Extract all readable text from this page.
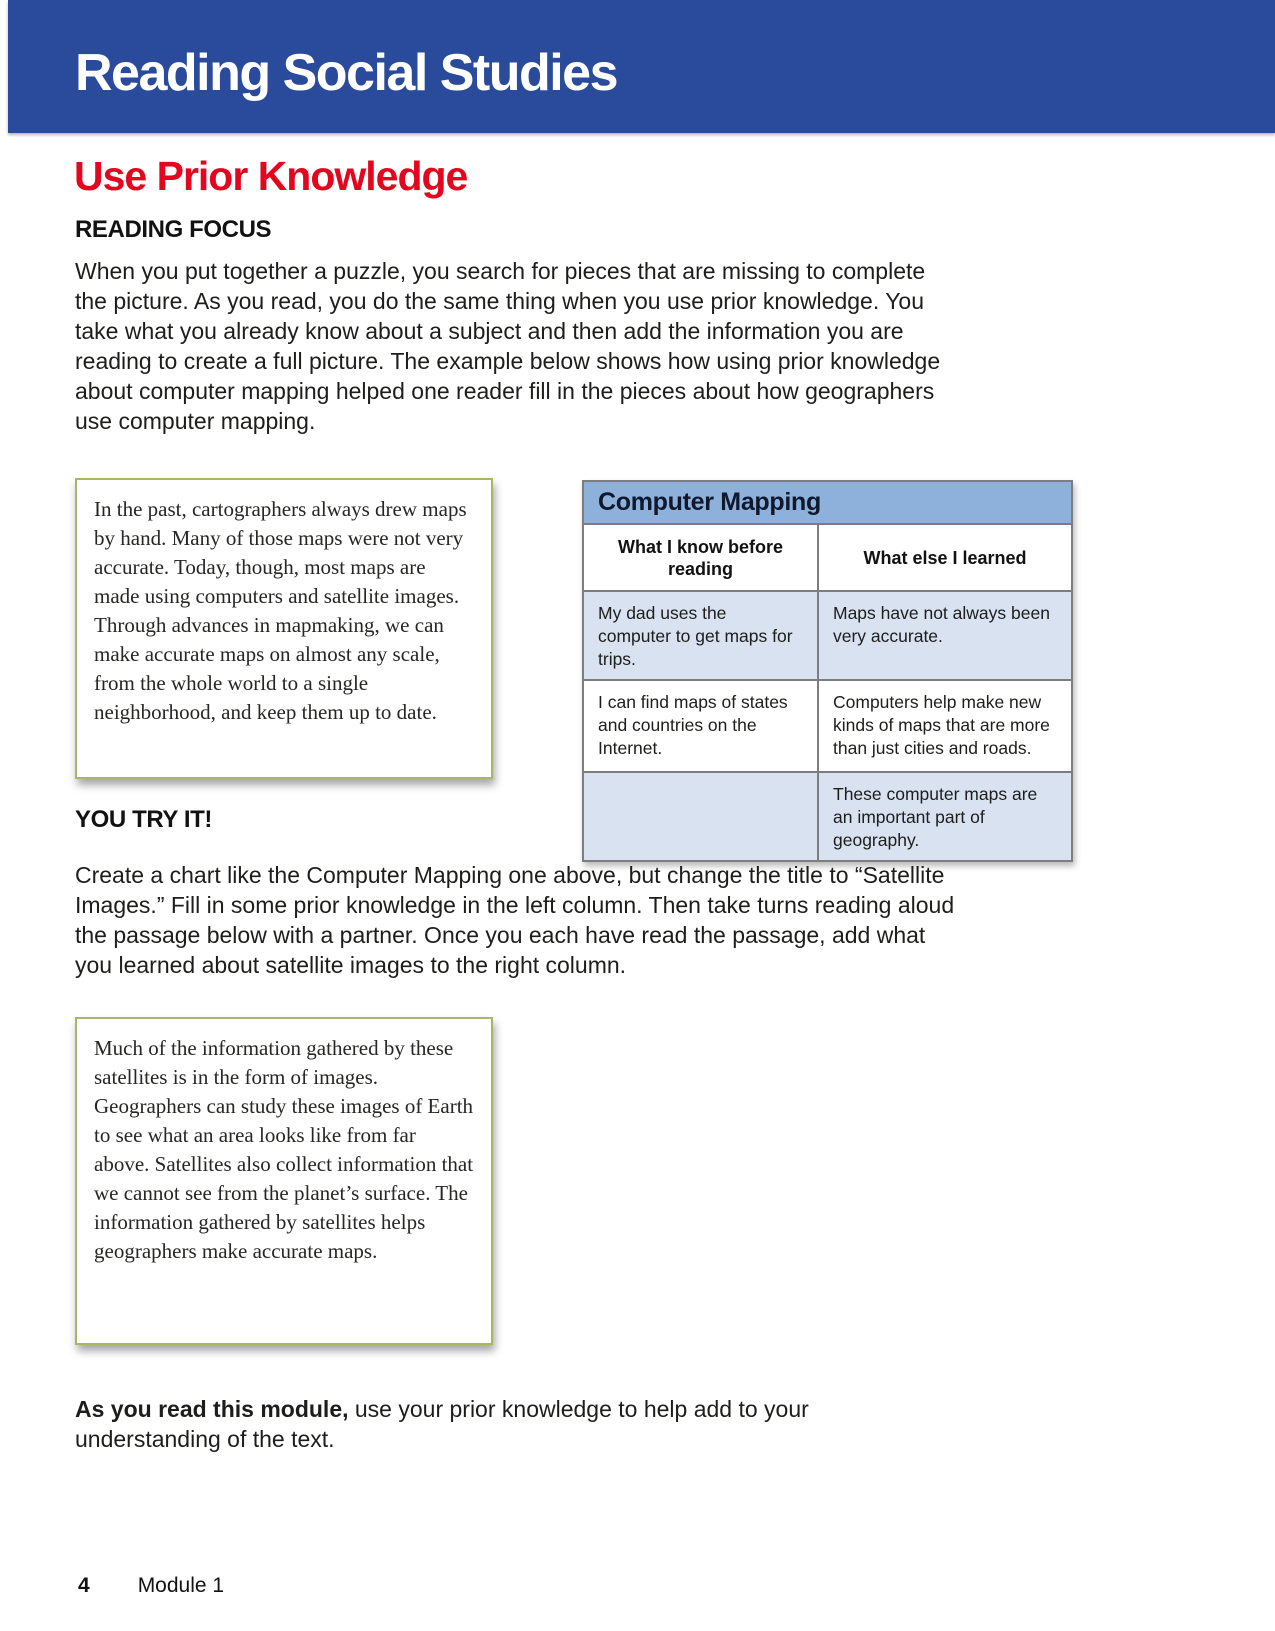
Reading Social Studies
Use Prior Knowledge
READING FOCUS

When you put together a puzzle, you search for pieces that are missing to complete the picture. As you read, you do the same thing when you use prior knowledge. You take what you already know about a subject and then add the information you are reading to create a full picture. The example below shows how using prior knowledge about computer mapping helped one reader fill in the pieces about how geographers use computer mapping.

In the past, cartographers always drew maps by hand. Many of those maps were not very accurate. Today, though, most maps are made using computers and satellite images. Through advances in mapmaking, we can make accurate maps on almost any scale, from the whole world to a single neighborhood, and keep them up to date.
Computer Mapping
What I know before reading
What else I learned
My dad uses the computer to get maps for trips.
Maps have not always been very accurate.
I can find maps of states and countries on the Internet.
Computers help make new kinds of maps that are more than just cities and roads.
These computer maps are an important part of geography.
YOU TRY IT!

Create a chart like the Computer Mapping one above, but change the title to “Satellite Images.” Fill in some prior knowledge in the left column. Then take turns reading aloud the passage below with a partner. Once you each have read the passage, add what you learned about satellite images to the right column.

Much of the information gathered by these satellites is in the form of images. Geographers can study these images of Earth to see what an area looks like from far above. Satellites also collect information that we cannot see from the planet’s surface. The information gathered by satellites helps geographers make accurate maps.

As you read this module, use your prior knowledge to help add to your understanding of the text.

4 Module 1
